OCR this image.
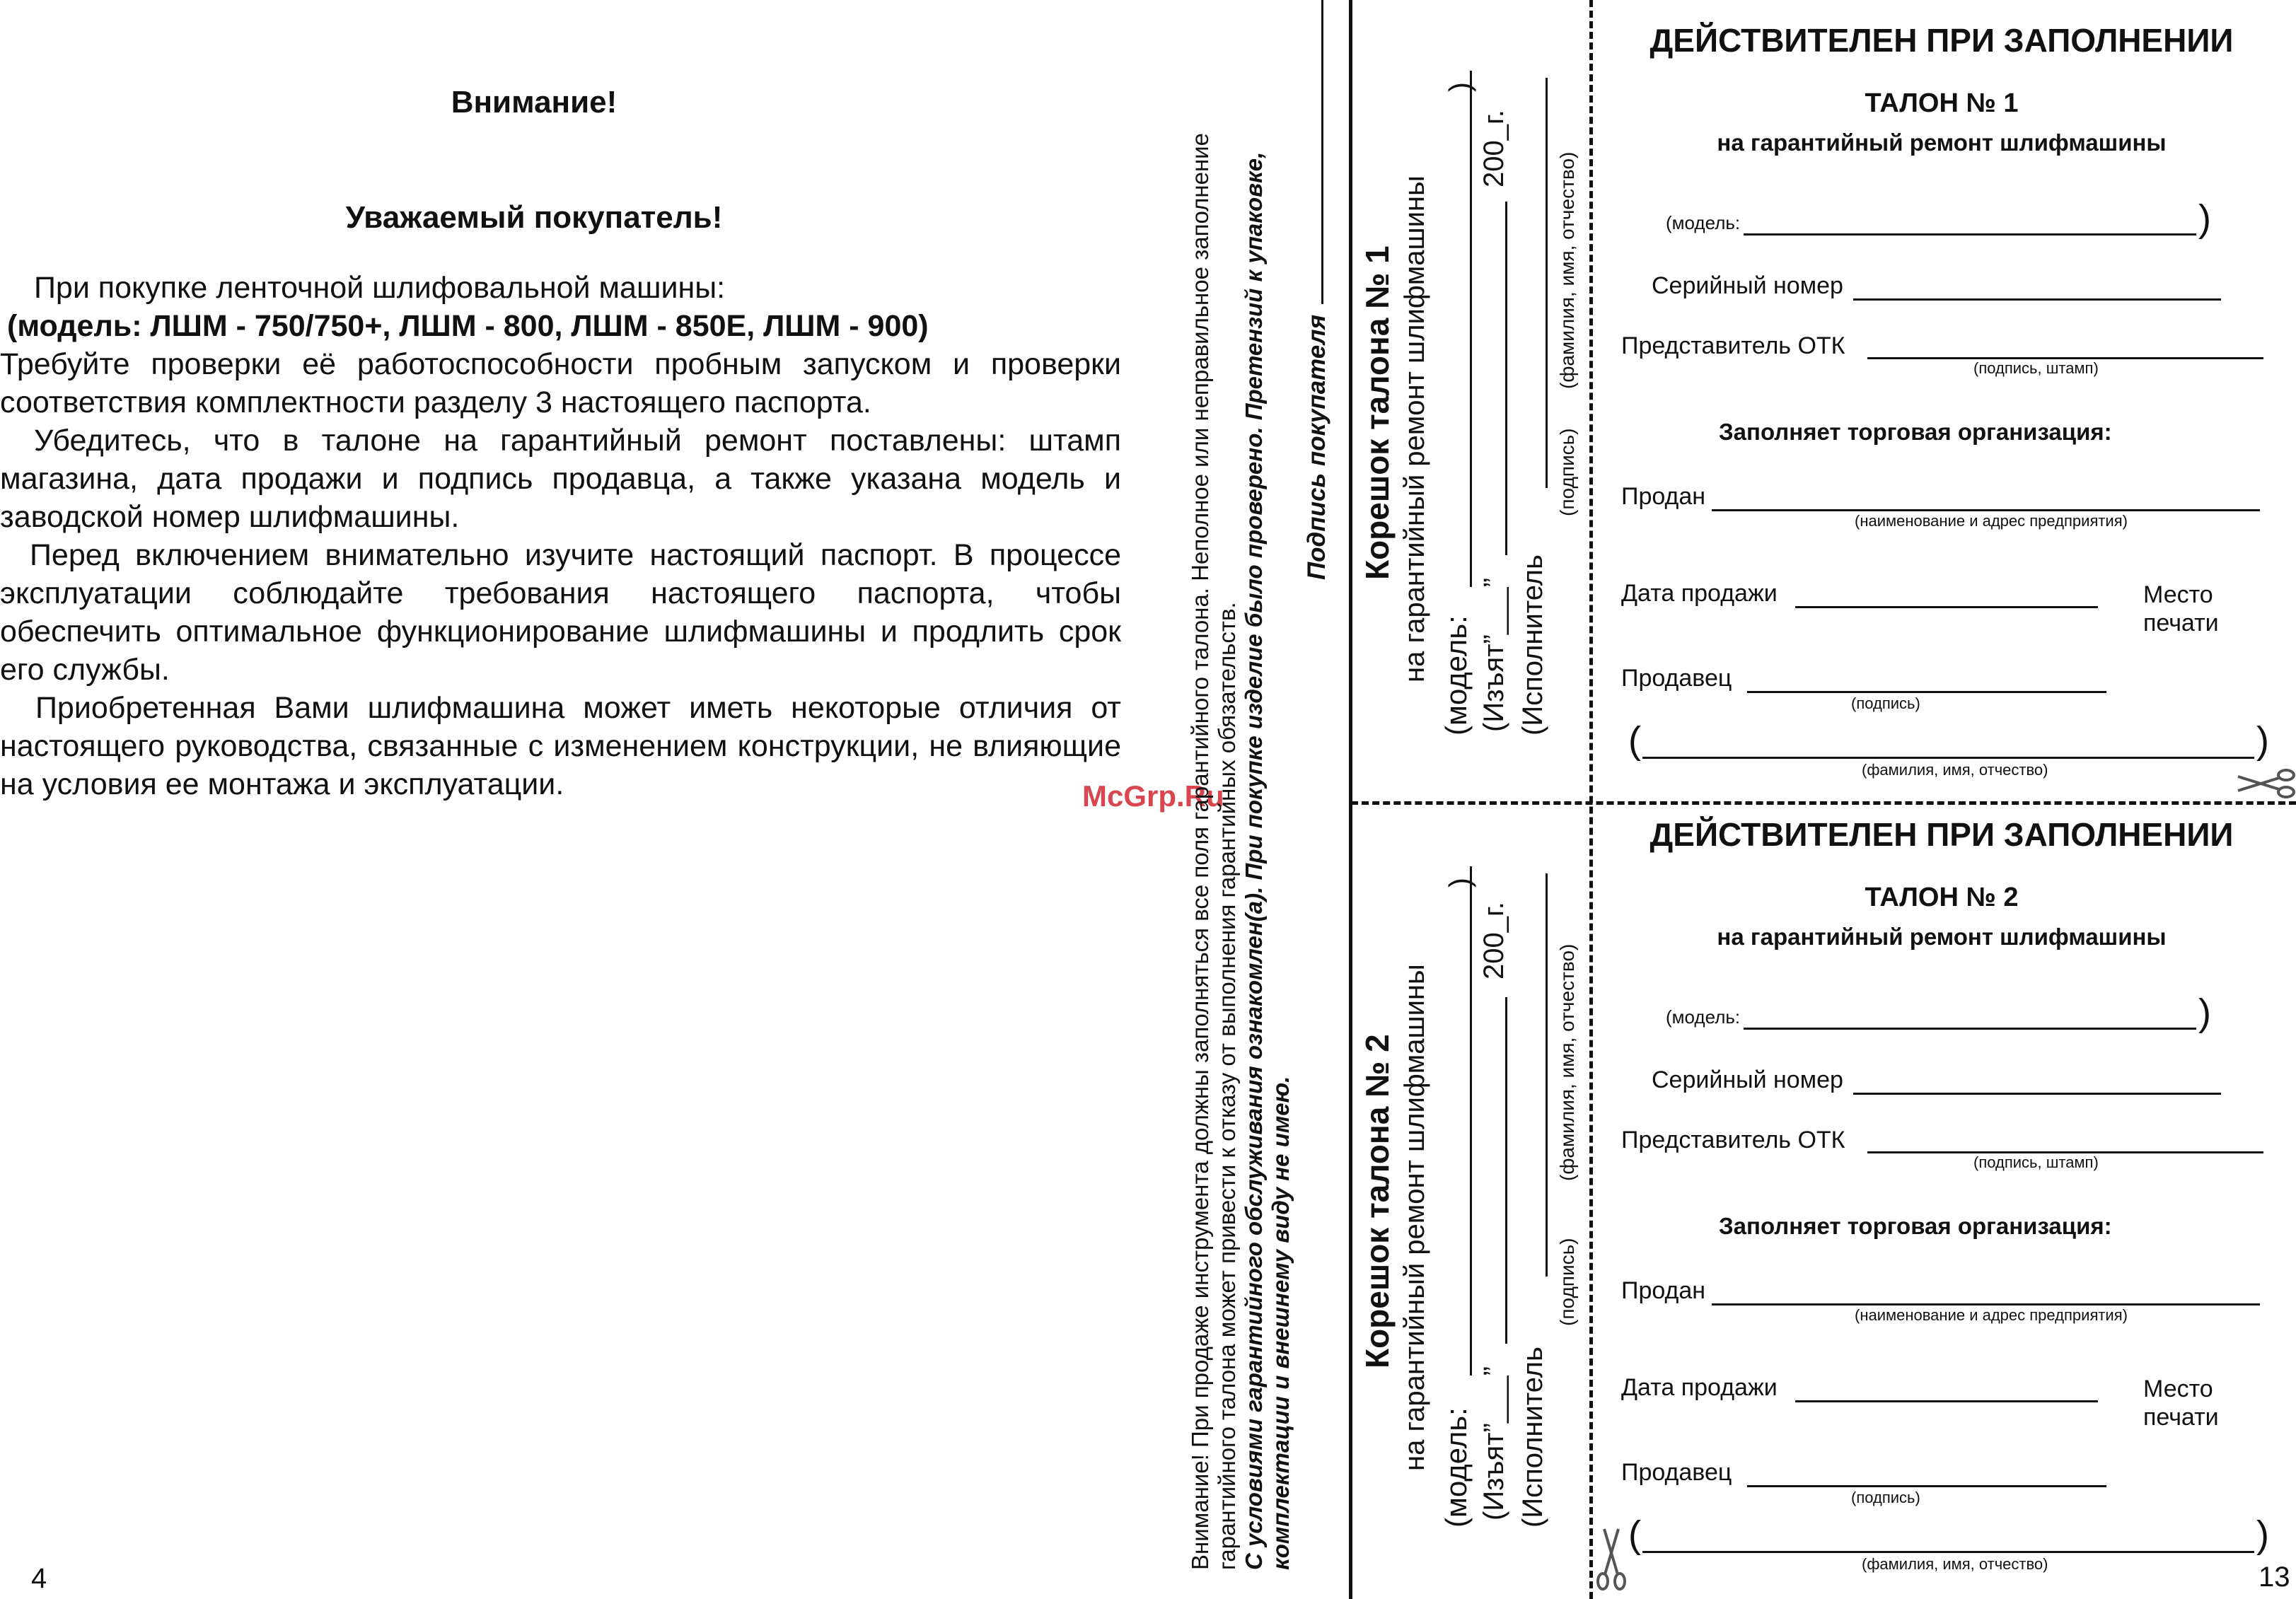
Внимание!
Уважаемый покупатель!

При покупке ленточной шлифовальной машины:

(модель: ЛШМ - 750/750+, ЛШМ - 800, ЛШМ - 850Е, ЛШМ - 900)

Требуйте проверки её работоспособности пробным запуском и проверки соответствия комплектности разделу 3 настоящего паспорта.

Убедитесь, что в талоне на гарантийный ремонт поставлены: штамп магазина, дата продажи и подпись продавца, а также указана модель и заводской номер шлифмашины.

Перед включением внимательно изучите настоящий паспорт. В процессе эксплуатации соблюдайте требования настоящего паспорта, чтобы обеспечить оптимальное функционирование шлифмашины и продлить срок его службы.

Приобретенная Вами шлифмашина может иметь некоторые отличия от настоящего руководства, связанные с изменением конструкции, не влияющие на условия ее монтажа и эксплуатации.

4
McGrp.Ru
Внимание! При продаже инструмента должны заполняться все поля гарантийного талона. Неполное или неправильное заполнение гарантийного талона может привести к отказу от выполнения гарантийных обязательств. С условиями гарантийного обслуживания ознакомлен(а). При покупке изделие было проверено. Претензий к упаковке, комплектации и внешнему виду не имею.
Подпись покупателя Корешок талона № 1 на гарантийный ремонт шлифмашины (модель:
)
(Изъят”___”
200_г.
(Исполнитель
(подпись)
(фамилия, имя, отчество)
Корешок талона № 2 на гарантийный ремонт шлифмашины (модель:
)
(Изъят”___”
200_г.
(Исполнитель
(подпись)
(фамилия, имя, отчество)
ДЕЙСТВИТЕЛЕН ПРИ ЗАПОЛНЕНИИ
ТАЛОН № 1
на гарантийный ремонт шлифмашины
(модель:	)
Серийный номер
Представитель ОТК
(подпись, штамп)
Заполняет торговая организация:
Продан
(наименование и адрес предприятия)
Дата продажи	Место
печати
Продавец
(подпись)
(	)
(фамилия, имя, отчество)
ДЕЙСТВИТЕЛЕН ПРИ ЗАПОЛНЕНИИ
ТАЛОН № 2
на гарантийный ремонт шлифмашины
(модель:	)
Серийный номер
Представитель ОТК
(подпись, штамп)
Заполняет торговая организация:
Продан
(наименование и адрес предприятия)
Дата продажи	Место
печати
Продавец
(подпись)
(	)
(фамилия, имя, отчество)	13
